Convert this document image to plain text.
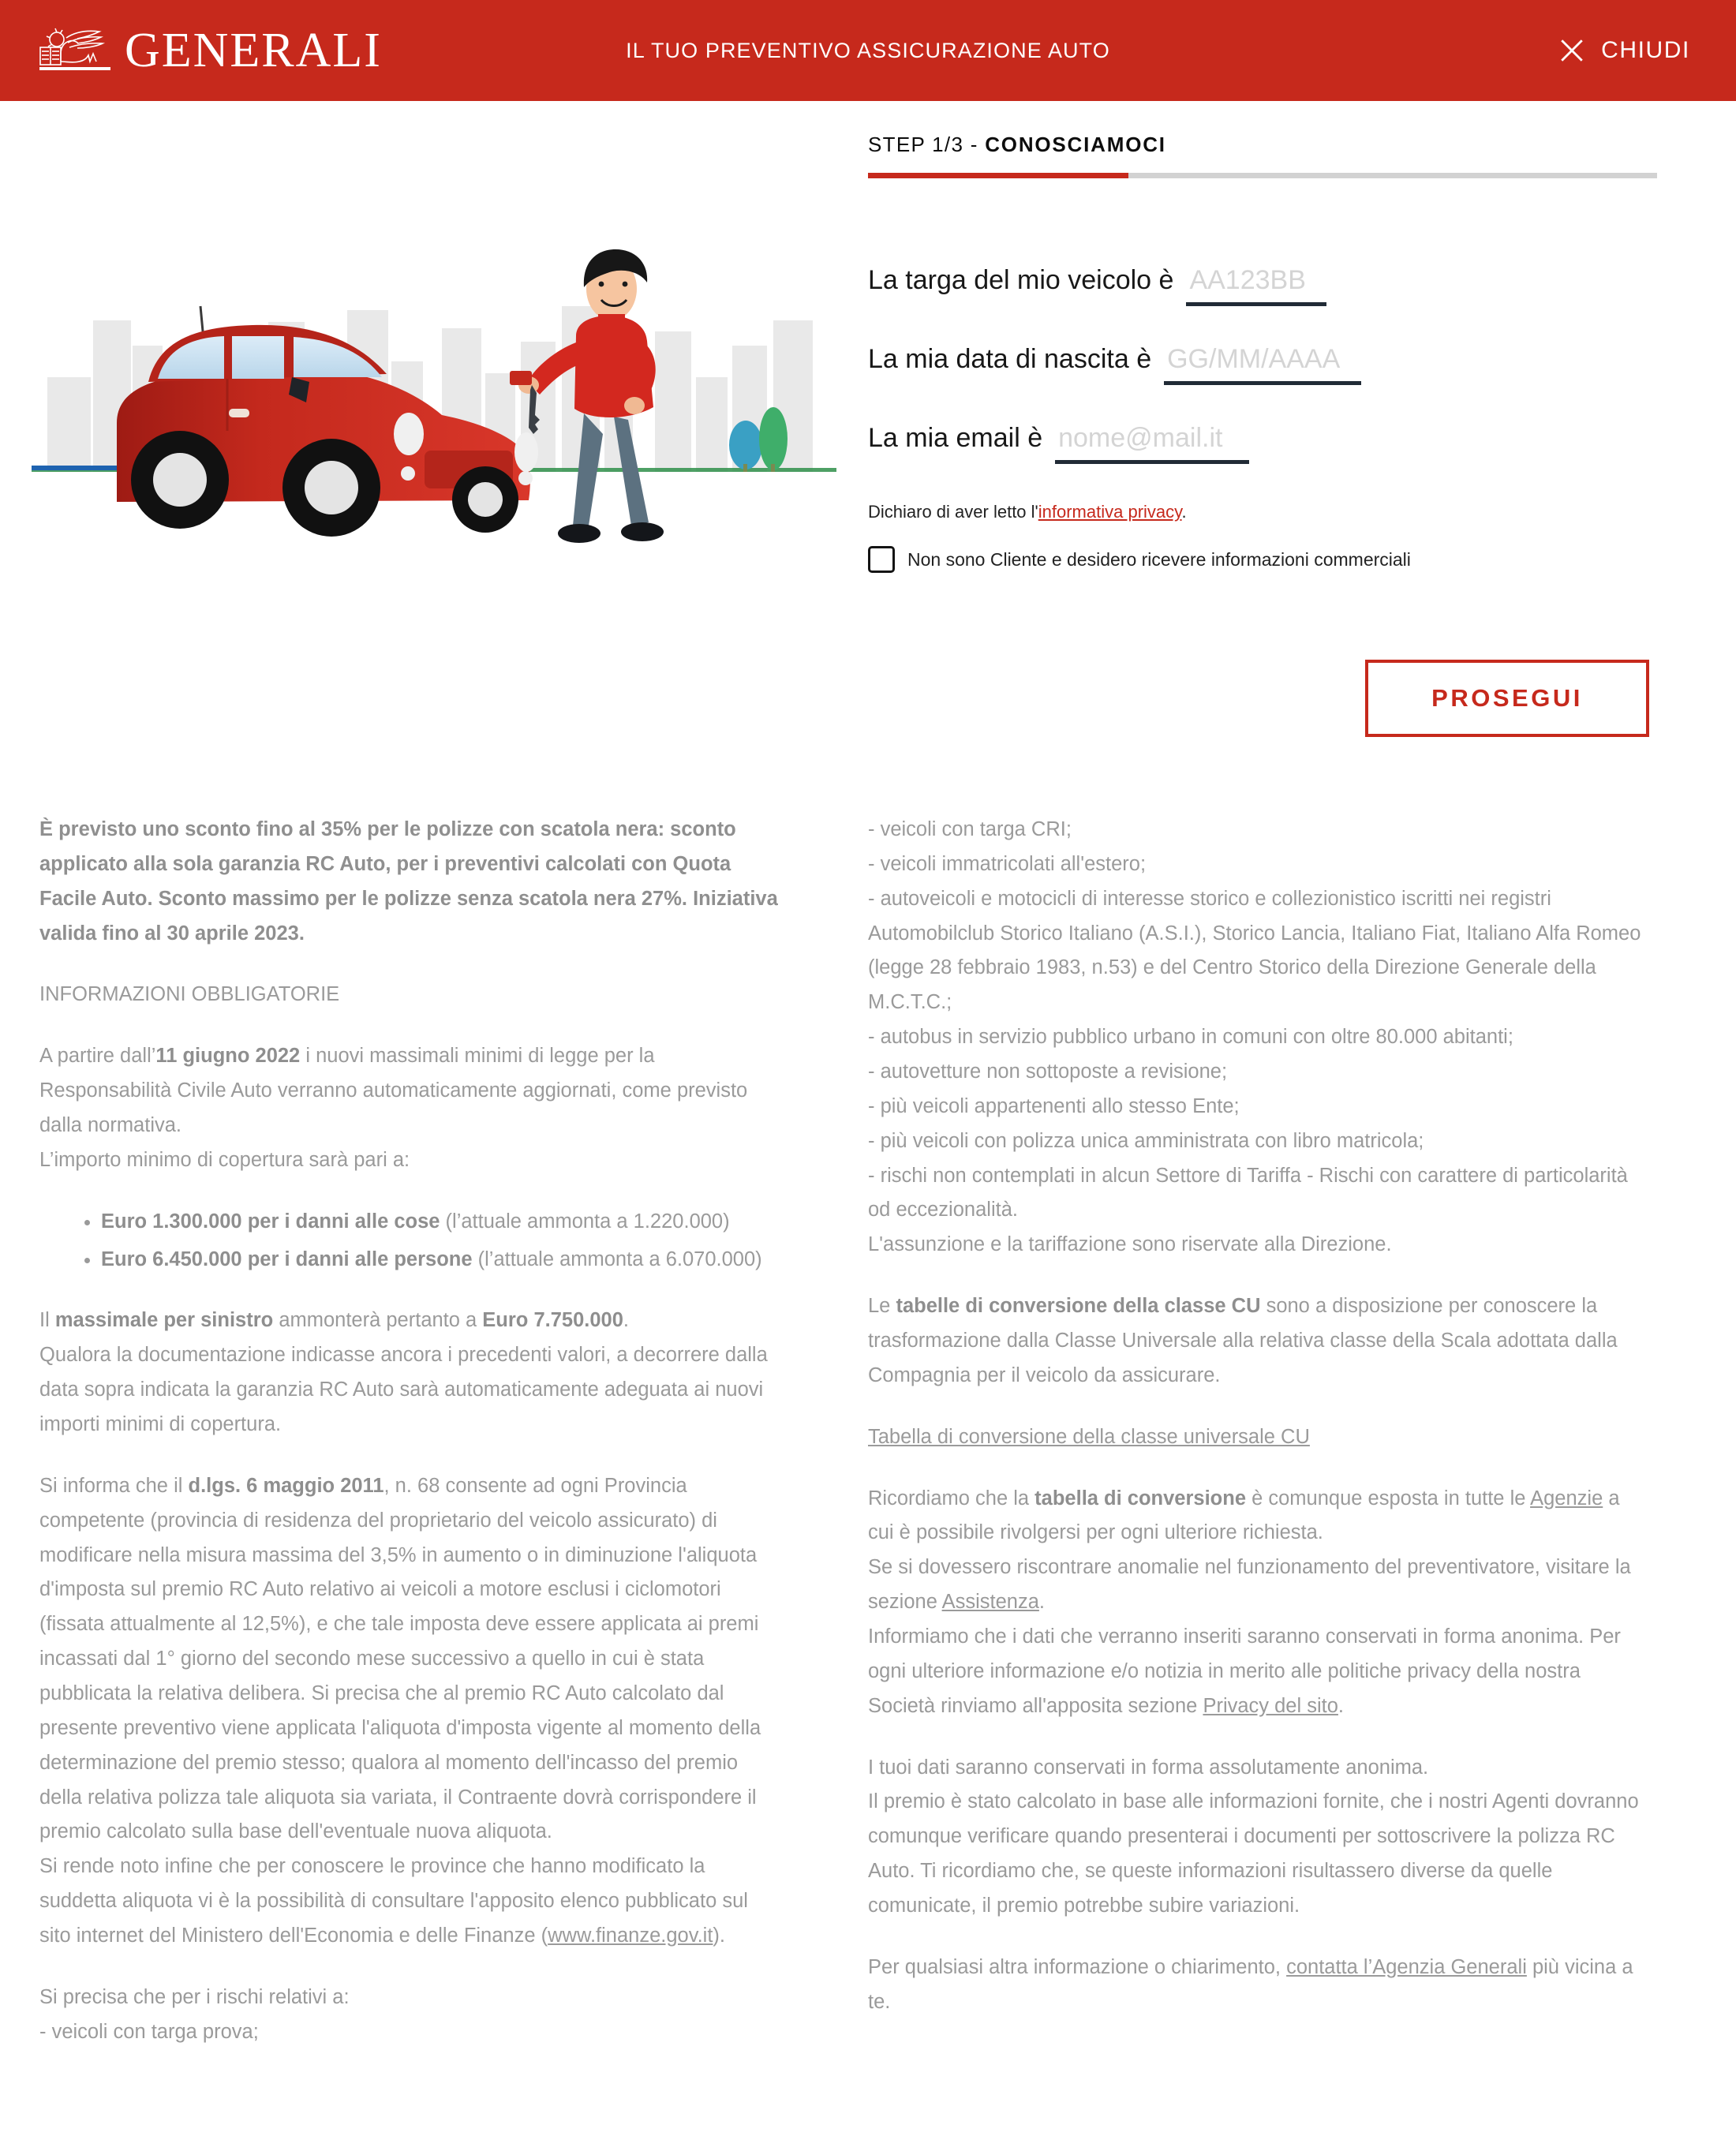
GENERALI	IL TUO PREVENTIVO ASSICURAZIONE AUTO	CHIUDI
STEP 1/3 - CONOSCIAMOCI
La targa del mio veicolo è
AA123BB
La mia data di nascita è
GG/MM/AAAA
La mia email è
nome@mail.it
Dichiaro di aver letto l'informativa privacy.
Non sono Cliente e desidero ricevere informazioni commerciali
PROSEGUI

È previsto uno sconto fino al 35% per le polizze con scatola nera: sconto applicato alla sola garanzia RC Auto, per i preventivi calcolati con Quota Facile Auto. Sconto massimo per le polizze senza scatola nera 27%. Iniziativa valida fino al 30 aprile 2023.

INFORMAZIONI OBBLIGATORIE

A partire dall’11 giugno 2022 i nuovi massimali minimi di legge per la Responsabilità Civile Auto verranno automaticamente aggiornati, come previsto dalla normativa.
L’importo minimo di copertura sarà pari a:

• Euro 1.300.000 per i danni alle cose (l’attuale ammonta a 1.220.000)
• Euro 6.450.000 per i danni alle persone (l’attuale ammonta a 6.070.000)

Il massimale per sinistro ammonterà pertanto a Euro 7.750.000.
Qualora la documentazione indicasse ancora i precedenti valori, a decorrere dalla data sopra indicata la garanzia RC Auto sarà automaticamente adeguata ai nuovi importi minimi di copertura.

Si informa che il d.lgs. 6 maggio 2011, n. 68 consente ad ogni Provincia competente (provincia di residenza del proprietario del veicolo assicurato) di modificare nella misura massima del 3,5% in aumento o in diminuzione l'aliquota d'imposta sul premio RC Auto relativo ai veicoli a motore esclusi i ciclomotori (fissata attualmente al 12,5%), e che tale imposta deve essere applicata ai premi incassati dal 1° giorno del secondo mese successivo a quello in cui è stata pubblicata la relativa delibera. Si precisa che al premio RC Auto calcolato dal presente preventivo viene applicata l'aliquota d'imposta vigente al momento della determinazione del premio stesso; qualora al momento dell'incasso del premio della relativa polizza tale aliquota sia variata, il Contraente dovrà corrispondere il premio calcolato sulla base dell'eventuale nuova aliquota.
Si rende noto infine che per conoscere le province che hanno modificato la suddetta aliquota vi è la possibilità di consultare l'apposito elenco pubblicato sul sito internet del Ministero dell'Economia e delle Finanze (www.finanze.gov.it).

Si precisa che per i rischi relativi a:
- veicoli con targa prova;

- veicoli con targa CRI;
- veicoli immatricolati all'estero;
- autoveicoli e motocicli di interesse storico e collezionistico iscritti nei registri Automobilclub Storico Italiano (A.S.I.), Storico Lancia, Italiano Fiat, Italiano Alfa Romeo (legge 28 febbraio 1983, n.53) e del Centro Storico della Direzione Generale della M.C.T.C.;
- autobus in servizio pubblico urbano in comuni con oltre 80.000 abitanti;
- autovetture non sottoposte a revisione;
- più veicoli appartenenti allo stesso Ente;
- più veicoli con polizza unica amministrata con libro matricola;
- rischi non contemplati in alcun Settore di Tariffa - Rischi con carattere di particolarità od eccezionalità.
L'assunzione e la tariffazione sono riservate alla Direzione.

Le tabelle di conversione della classe CU sono a disposizione per conoscere la trasformazione dalla Classe Universale alla relativa classe della Scala adottata dalla Compagnia per il veicolo da assicurare.

Tabella di conversione della classe universale CU

Ricordiamo che la tabella di conversione è comunque esposta in tutte le Agenzie a cui è possibile rivolgersi per ogni ulteriore richiesta.
Se si dovessero riscontrare anomalie nel funzionamento del preventivatore, visitare la sezione Assistenza.
Informiamo che i dati che verranno inseriti saranno conservati in forma anonima. Per ogni ulteriore informazione e/o notizia in merito alle politiche privacy della nostra Società rinviamo all'apposita sezione Privacy del sito.

I tuoi dati saranno conservati in forma assolutamente anonima.
Il premio è stato calcolato in base alle informazioni fornite, che i nostri Agenti dovranno comunque verificare quando presenterai i documenti per sottoscrivere la polizza RC Auto. Ti ricordiamo che, se queste informazioni risultassero diverse da quelle comunicate, il premio potrebbe subire variazioni.

Per qualsiasi altra informazione o chiarimento, contatta l’Agenzia Generali più vicina a te.
